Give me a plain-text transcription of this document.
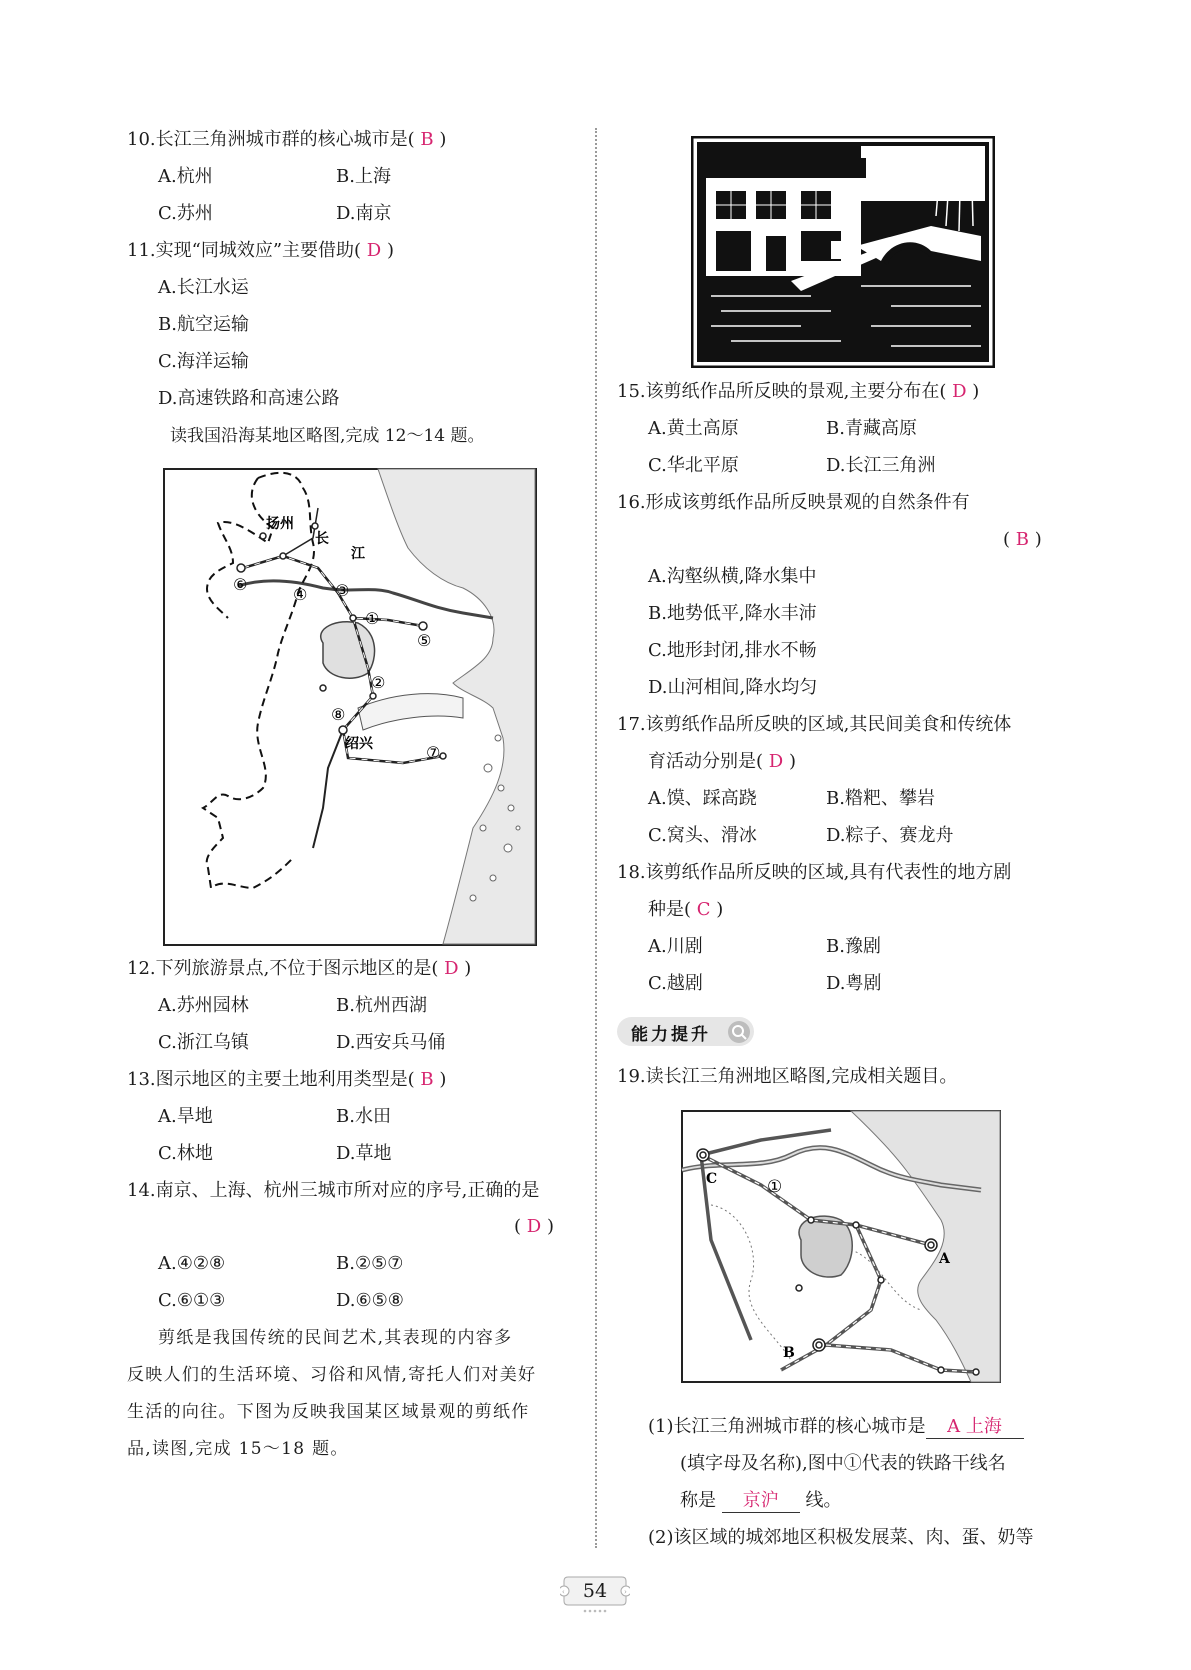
10.长江三角洲城市群的核心城市是( B )
A.杭州	B.上海
C.苏州	D.南京
11.实现“同城效应”主要借助( D )
A.长江水运
B.航空运输
C.海洋运输
D.高速铁路和高速公路
读我国沿海某地区略图,完成 12～14 题。
扬州
长
江
绍兴
①
②
③
④
⑤
⑥
⑦
⑧
12.下列旅游景点,不位于图示地区的是( D )
A.苏州园林	B.杭州西湖
C.浙江乌镇	D.西安兵马俑
13.图示地区的主要土地利用类型是( B )
A.旱地	B.水田
C.林地	D.草地
14.南京、上海、杭州三城市所对应的序号,正确的是
( D )
A.④②⑧	B.②⑤⑦
C.⑥①③	D.⑥⑤⑧
剪纸是我国传统的民间艺术,其表现的内容多
反映人们的生活环境、习俗和风情,寄托人们对美好
生活的向往。下图为反映我国某区域景观的剪纸作
品,读图,完成 15～18 题。
15.该剪纸作品所反映的景观,主要分布在( D )
A.黄土高原	B.青藏高原
C.华北平原	D.长江三角洲
16.形成该剪纸作品所反映景观的自然条件有
( B )
A.沟壑纵横,降水集中
B.地势低平,降水丰沛
C.地形封闭,排水不畅
D.山河相间,降水均匀
17.该剪纸作品所反映的区域,其民间美食和传统体
育活动分别是( D )
A.馍、踩高跷	B.糌粑、攀岩
C.窝头、滑冰	D.粽子、赛龙舟
18.该剪纸作品所反映的区域,具有代表性的地方剧
种是( C )
A.川剧	B.豫剧
C.越剧	D.粤剧
能力提升
19.读长江三角洲地区略图,完成相关题目。
C	①
A
B
(1)长江三角洲城市群的核心城市是 A 上海
(填字母及名称),图中①代表的铁路干线名
称是 京沪 线。
(2)该区域的城郊地区积极发展菜、肉、蛋、奶等
‹	›
54
